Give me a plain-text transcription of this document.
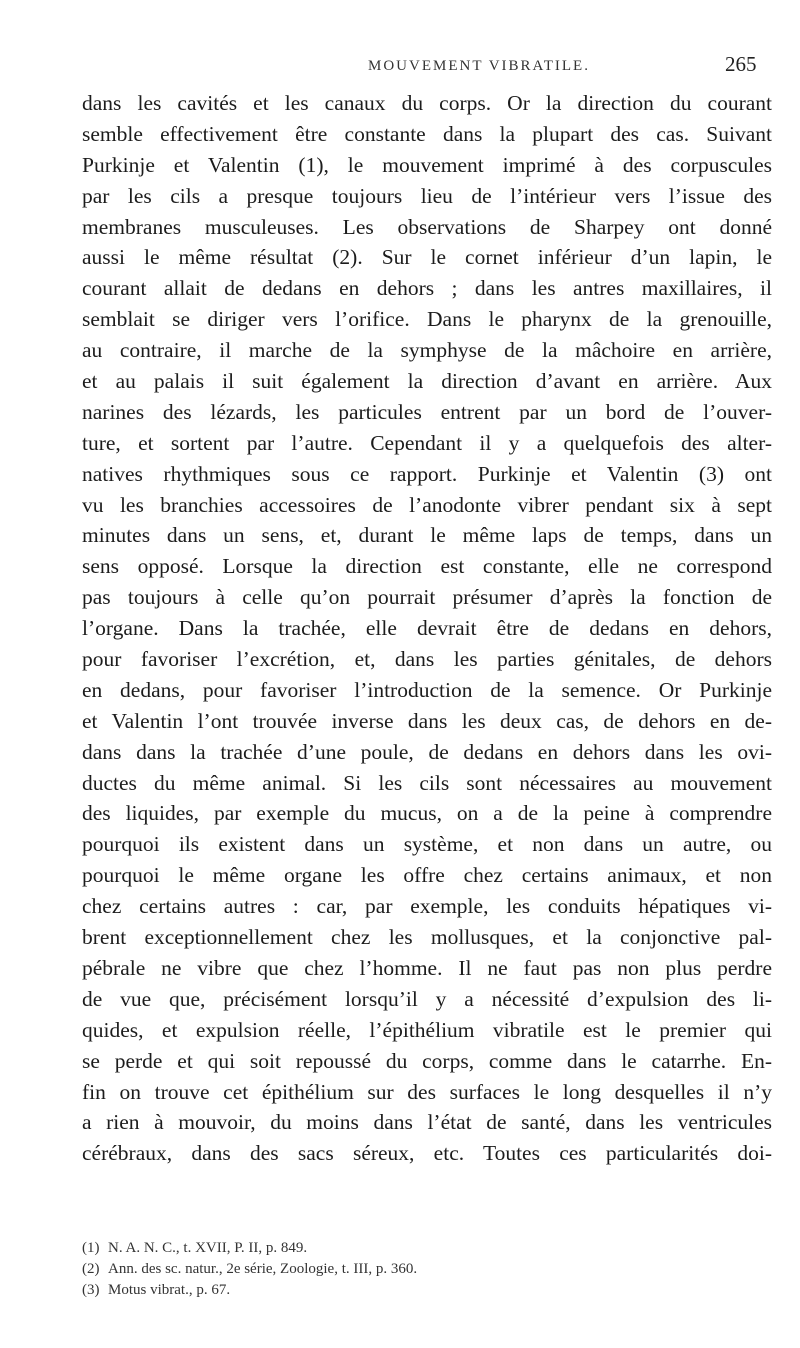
MOUVEMENT VIBRATILE.	265
dans les cavités et les canaux du corps. Or la direction du courant
semble effectivement être constante dans la plupart des cas. Suivant
Purkinje et Valentin (1), le mouvement imprimé à des corpuscules
par les cils a presque toujours lieu de l’intérieur vers l’issue des
membranes musculeuses. Les observations de Sharpey ont donné
aussi le même résultat (2). Sur le cornet inférieur d’un lapin, le
courant allait de dedans en dehors ; dans les antres maxillaires, il
semblait se diriger vers l’orifice. Dans le pharynx de la grenouille,
au contraire, il marche de la symphyse de la mâchoire en arrière,
et au palais il suit également la direction d’avant en arrière. Aux
narines des lézards, les particules entrent par un bord de l’ouver-
ture, et sortent par l’autre. Cependant il y a quelquefois des alter-
natives rhythmiques sous ce rapport. Purkinje et Valentin (3) ont
vu les branchies accessoires de l’anodonte vibrer pendant six à sept
minutes dans un sens, et, durant le même laps de temps, dans un
sens opposé. Lorsque la direction est constante, elle ne correspond
pas toujours à celle qu’on pourrait présumer d’après la fonction de
l’organe. Dans la trachée, elle devrait être de dedans en dehors,
pour favoriser l’excrétion, et, dans les parties génitales, de dehors
en dedans, pour favoriser l’introduction de la semence. Or Purkinje
et Valentin l’ont trouvée inverse dans les deux cas, de dehors en de-
dans dans la trachée d’une poule, de dedans en dehors dans les ovi-
ductes du même animal. Si les cils sont nécessaires au mouvement
des liquides, par exemple du mucus, on a de la peine à comprendre
pourquoi ils existent dans un système, et non dans un autre, ou
pourquoi le même organe les offre chez certains animaux, et non
chez certains autres : car, par exemple, les conduits hépatiques vi-
brent exceptionnellement chez les mollusques, et la conjonctive pal-
pébrale ne vibre que chez l’homme. Il ne faut pas non plus perdre
de vue que, précisément lorsqu’il y a nécessité d’expulsion des li-
quides, et expulsion réelle, l’épithélium vibratile est le premier qui
se perde et qui soit repoussé du corps, comme dans le catarrhe. En-
fin on trouve cet épithélium sur des surfaces le long desquelles il n’y
a rien à mouvoir, du moins dans l’état de santé, dans les ventricules
cérébraux, dans des sacs séreux, etc. Toutes ces particularités doi-
(1) N. A. N. C., t. XVII, P. II, p. 849.
(2) Ann. des sc. natur., 2e série, Zoologie, t. III, p. 360.
(3) Motus vibrat., p. 67.
